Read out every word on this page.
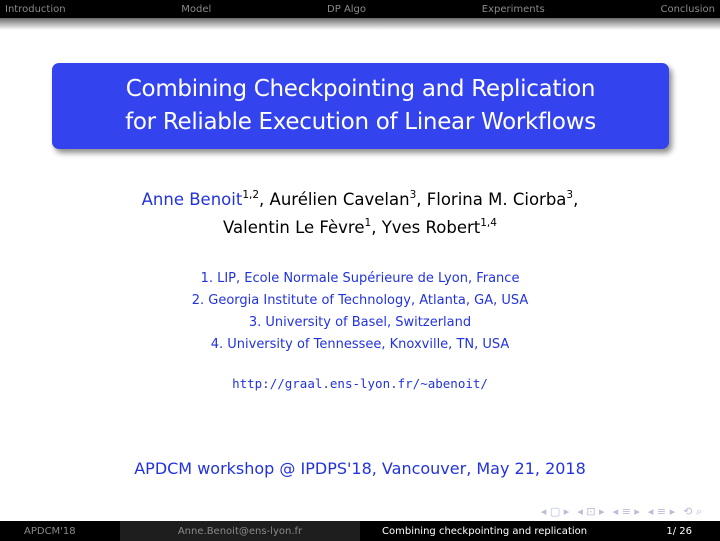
Introduction	Model	DP Algo	Experiments	Conclusion
Combining Checkpointing and Replication
for Reliable Execution of Linear Workflows
Anne Benoit$^{1,2}$, Aurélien Cavelan$^3$, Florina M. Ciorba$^3$,
Valentin Le Fèvre$^1$, Yves Robert$^{1,4}$
1. LIP, Ecole Normale Supérieure de Lyon, France
2. Georgia Institute of Technology, Atlanta, GA, USA
3. University of Basel, Switzerland
4. University of Tennessee, Knoxville, TN, USA
http://graal.ens-lyon.fr/~abenoit/
APDCM workshop @ IPDPS'18, Vancouver, May 21, 2018
◂ ▢ ▸ ◂ ⊡ ▸ ◂ ≡ ▸ ◂ ≡ ▸ ⟲ ⌕
APDCM'18	Anne.Benoit@ens-lyon.fr	Combining checkpointing and replication	1/ 26
